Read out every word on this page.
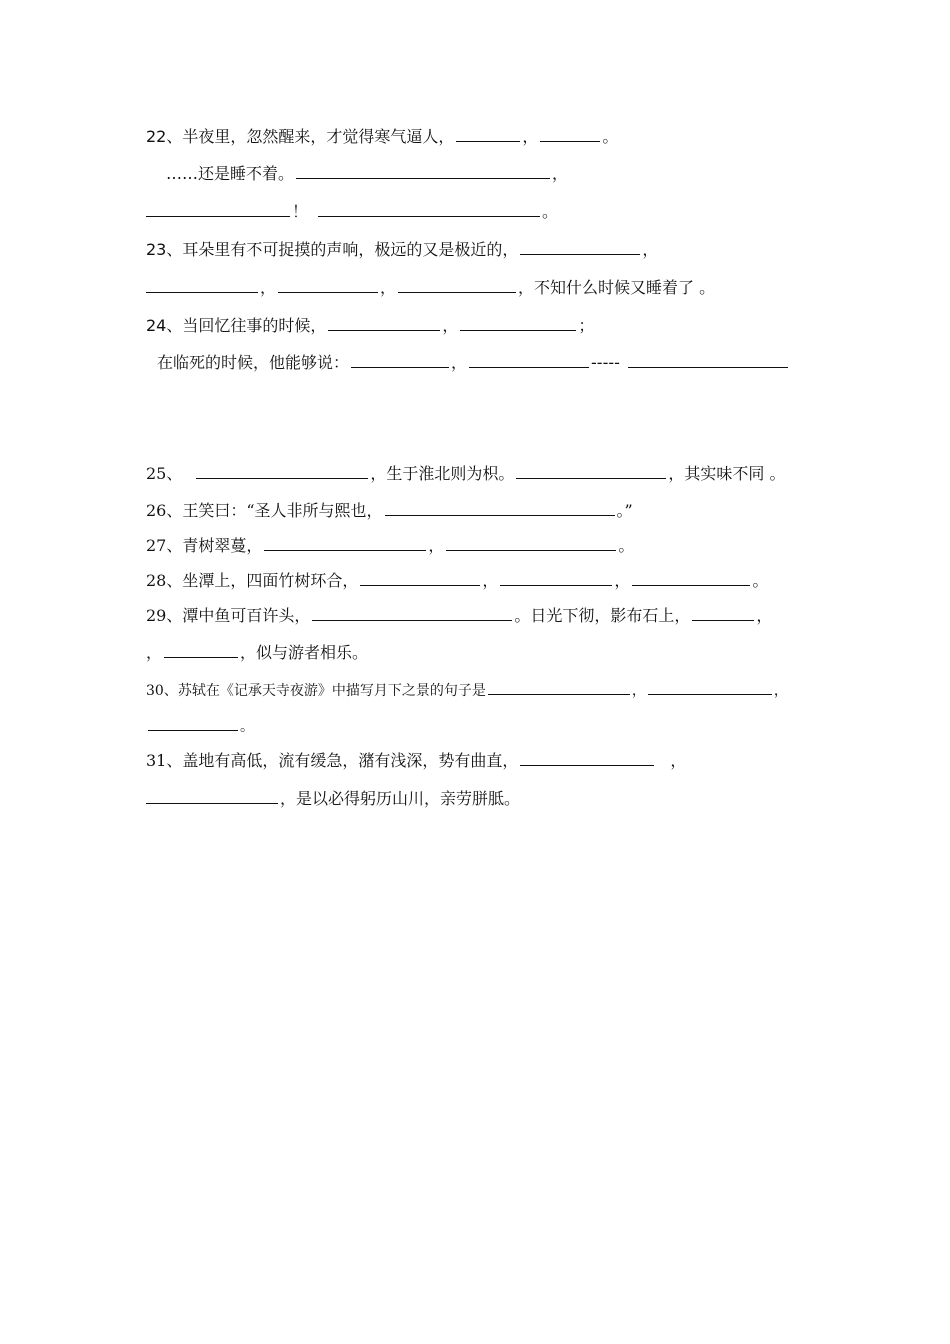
22、半夜里，忽然醒来，才觉得寒气逼人，	，	。
……还是睡不着。	，
！	。
23、耳朵里有不可捉摸的声响，极远的又是极近的，	，
，	，	，不知什么时候又睡着了 。
24、当回忆往事的时候，	，	；
在临死的时候，他能够说：	，	-----
25、	，生于淮北则为枳。	，其实味不同 。
26、王笑曰：“圣人非所与熙也，	。”
27、青树翠蔓，	，	。
28、坐潭上，四面竹树环合，	，	，	。
29、潭中鱼可百许头，	。日光下彻，影布石上，	，
，	，似与游者相乐。
30、苏轼在《记承天寺夜游》中描写月下之景的句子是	，	，
。
31、盖地有高低，流有缓急，潴有浅深，势有曲直，	，
，是以必得躬历山川，亲劳胼胝。
